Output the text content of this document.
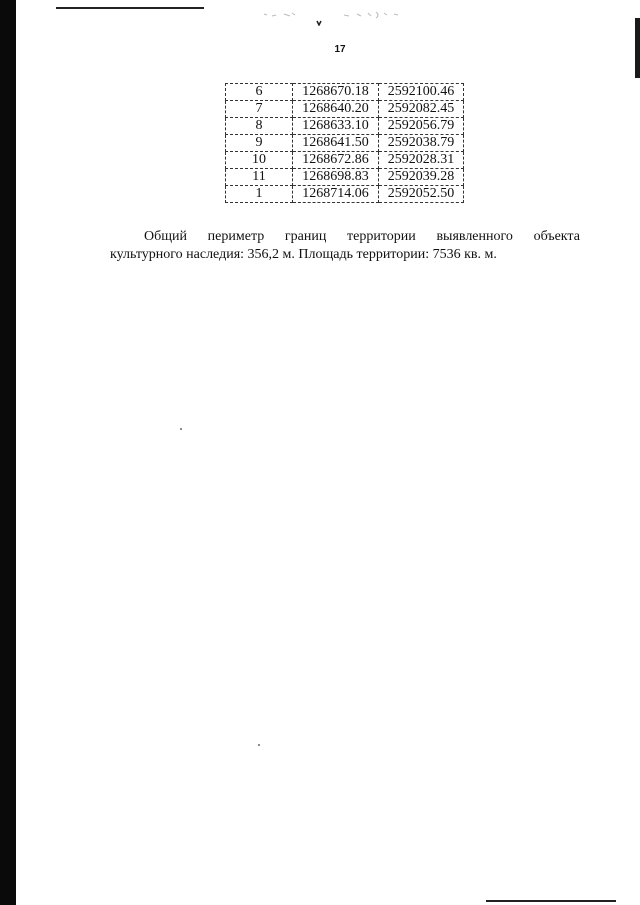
17
6	1268670.18	2592100.46
7	1268640.20	2592082.45
8	1268633.10	2592056.79
9	1268641.50	2592038.79
10	1268672.86	2592028.31
11	1268698.83	2592039.28
1	1268714.06	2592052.50
Общий периметр границ территории выявленного объекта
культурного наследия: 356,2 м. Площадь территории: 7536 кв. м.
